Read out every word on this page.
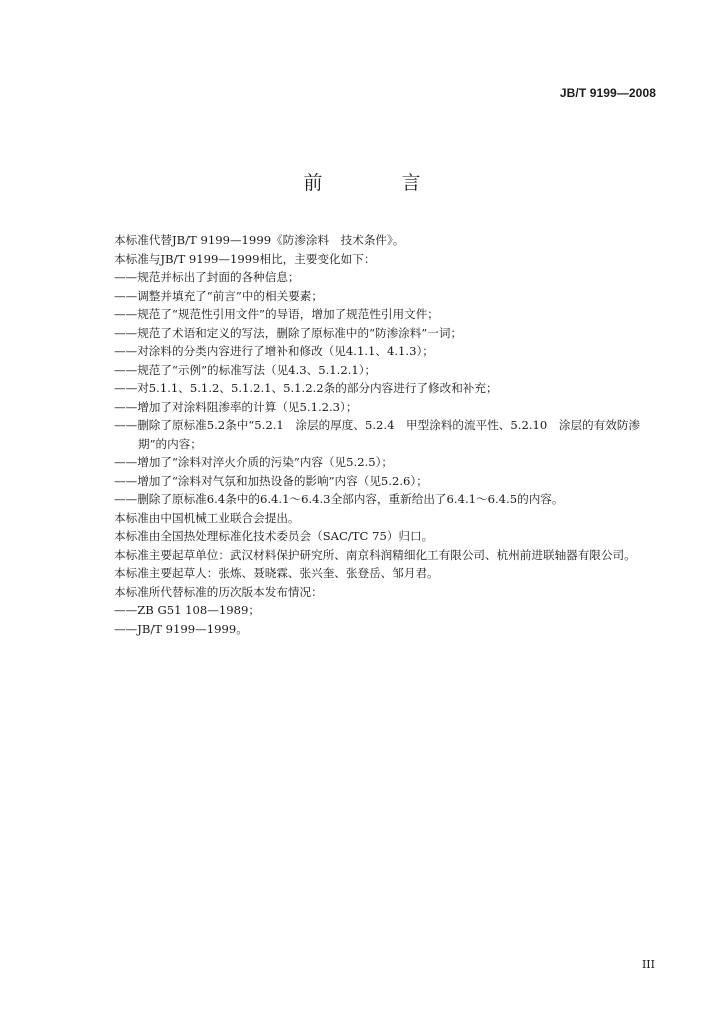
JB/T 9199—2008
前　言

本标准代替JB/T 9199—1999《防渗涂料　技术条件》。

本标准与JB/T 9199—1999相比，主要变化如下：

——规范并标出了封面的各种信息；

——调整并填充了“前言”中的相关要素；

——规范了“规范性引用文件”的导语，增加了规范性引用文件；

——规范了术语和定义的写法，删除了原标准中的“防渗涂料”一词；

——对涂料的分类内容进行了增补和修改（见4.1.1、4.1.3）；

——规范了“示例”的标准写法（见4.3、5.1.2.1）；

——对5.1.1、5.1.2、5.1.2.1、5.1.2.2条的部分内容进行了修改和补充；

——增加了对涂料阻渗率的计算（见5.1.2.3）；

——删除了原标准5.2条中“5.2.1　涂层的厚度、5.2.4　甲型涂料的流平性、5.2.10　涂层的有效防渗

期”的内容；

——增加了“涂料对淬火介质的污染”内容（见5.2.5）；

——增加了“涂料对气氛和加热设备的影响”内容（见5.2.6）；

——删除了原标准6.4条中的6.4.1～6.4.3全部内容，重新给出了6.4.1～6.4.5的内容。

本标准由中国机械工业联合会提出。

本标准由全国热处理标准化技术委员会（SAC/TC 75）归口。

本标准主要起草单位：武汉材料保护研究所、南京科润精细化工有限公司、杭州前进联轴器有限公司。

本标准主要起草人：张炼、聂晓霖、张兴奎、张登岳、邹月君。

本标准所代替标准的历次版本发布情况：

——ZB G51 108—1989；

——JB/T 9199—1999。

III
